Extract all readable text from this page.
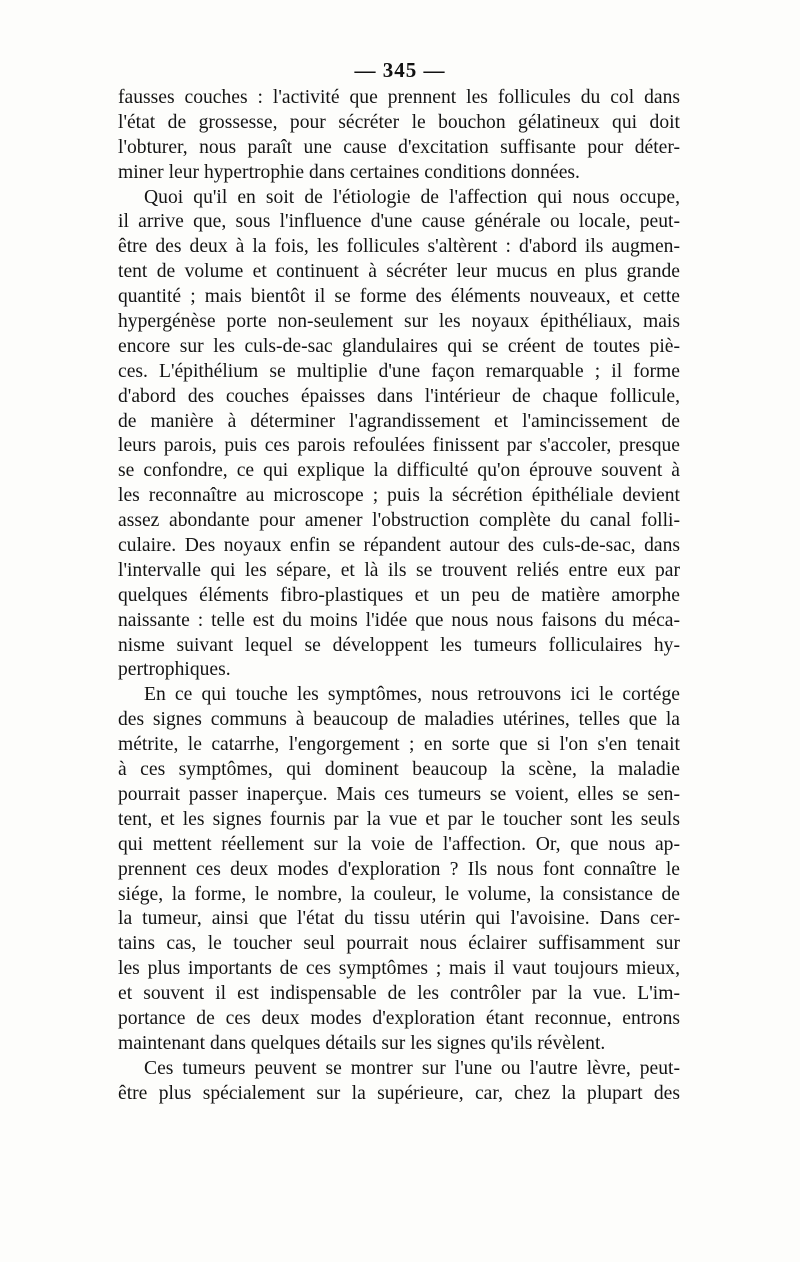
— 345 —
fausses couches : l'activité que prennent les follicules du col dans
l'état de grossesse, pour sécréter le bouchon gélatineux qui doit
l'obturer, nous paraît une cause d'excitation suffisante pour déter-
miner leur hypertrophie dans certaines conditions données.
Quoi qu'il en soit de l'étiologie de l'affection qui nous occupe,
il arrive que, sous l'influence d'une cause générale ou locale, peut-
être des deux à la fois, les follicules s'altèrent : d'abord ils augmen-
tent de volume et continuent à sécréter leur mucus en plus grande
quantité ; mais bientôt il se forme des éléments nouveaux, et cette
hypergénèse porte non-seulement sur les noyaux épithéliaux, mais
encore sur les culs-de-sac glandulaires qui se créent de toutes piè-
ces. L'épithélium se multiplie d'une façon remarquable ; il forme
d'abord des couches épaisses dans l'intérieur de chaque follicule,
de manière à déterminer l'agrandissement et l'amincissement de
leurs parois, puis ces parois refoulées finissent par s'accoler, presque
se confondre, ce qui explique la difficulté qu'on éprouve souvent à
les reconnaître au microscope ; puis la sécrétion épithéliale devient
assez abondante pour amener l'obstruction complète du canal folli-
culaire. Des noyaux enfin se répandent autour des culs-de-sac, dans
l'intervalle qui les sépare, et là ils se trouvent reliés entre eux par
quelques éléments fibro-plastiques et un peu de matière amorphe
naissante : telle est du moins l'idée que nous nous faisons du méca-
nisme suivant lequel se développent les tumeurs folliculaires hy-
pertrophiques.
En ce qui touche les symptômes, nous retrouvons ici le cortége
des signes communs à beaucoup de maladies utérines, telles que la
métrite, le catarrhe, l'engorgement ; en sorte que si l'on s'en tenait
à ces symptômes, qui dominent beaucoup la scène, la maladie
pourrait passer inaperçue. Mais ces tumeurs se voient, elles se sen-
tent, et les signes fournis par la vue et par le toucher sont les seuls
qui mettent réellement sur la voie de l'affection. Or, que nous ap-
prennent ces deux modes d'exploration ? Ils nous font connaître le
siége, la forme, le nombre, la couleur, le volume, la consistance de
la tumeur, ainsi que l'état du tissu utérin qui l'avoisine. Dans cer-
tains cas, le toucher seul pourrait nous éclairer suffisamment sur
les plus importants de ces symptômes ; mais il vaut toujours mieux,
et souvent il est indispensable de les contrôler par la vue. L'im-
portance de ces deux modes d'exploration étant reconnue, entrons
maintenant dans quelques détails sur les signes qu'ils révèlent.
Ces tumeurs peuvent se montrer sur l'une ou l'autre lèvre, peut-
être plus spécialement sur la supérieure, car, chez la plupart des
